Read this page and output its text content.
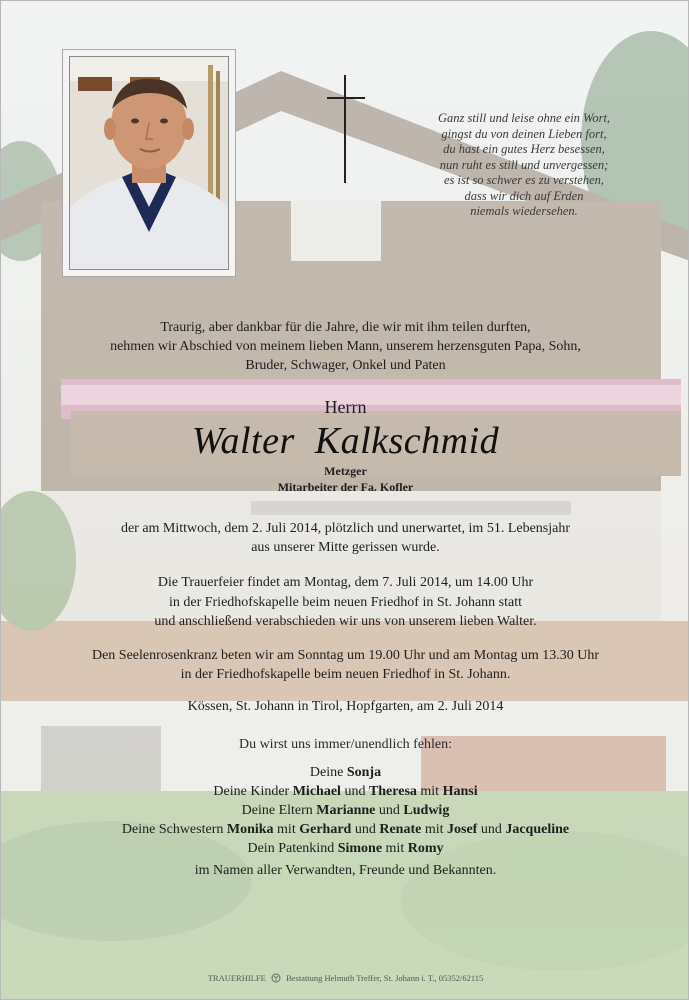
Ganz still und leise ohne ein Wort,
gingst du von deinen Lieben fort,
du hast ein gutes Herz besessen,
nun ruht es still und unvergessen;
es ist so schwer es zu verstehen,
dass wir dich auf Erden
niemals wiedersehen.
Traurig, aber dankbar für die Jahre, die wir mit ihm teilen durften,
nehmen wir Abschied von meinem lieben Mann, unserem herzensguten Papa, Sohn,
Bruder, Schwager, Onkel und Paten
Herrn
Walter Kalkschmid
Metzger
Mitarbeiter der Fa. Kofler
der am Mittwoch, dem 2. Juli 2014, plötzlich und unerwartet, im 51. Lebensjahr
aus unserer Mitte gerissen wurde.
Die Trauerfeier findet am Montag, dem 7. Juli 2014, um 14.00 Uhr
in der Friedhofskapelle beim neuen Friedhof in St. Johann statt
und anschließend verabschieden wir uns von unserem lieben Walter.
Den Seelenrosenkranz beten wir am Sonntag um 19.00 Uhr und am Montag um 13.30 Uhr
in der Friedhofskapelle beim neuen Friedhof in St. Johann.
Kössen, St. Johann in Tirol, Hopfgarten, am 2. Juli 2014
Du wirst uns immer/unendlich fehlen:
Deine Sonja
Deine Kinder Michael und Theresa mit Hansi
Deine Eltern Marianne und Ludwig
Deine Schwestern Monika mit Gerhard und Renate mit Josef und Jacqueline
Dein Patenkind Simone mit Romy
im Namen aller Verwandten, Freunde und Bekannten.
TRAUERHILFE Bestattung Helmuth Treffer, St. Johann i. T., 05352/62115
